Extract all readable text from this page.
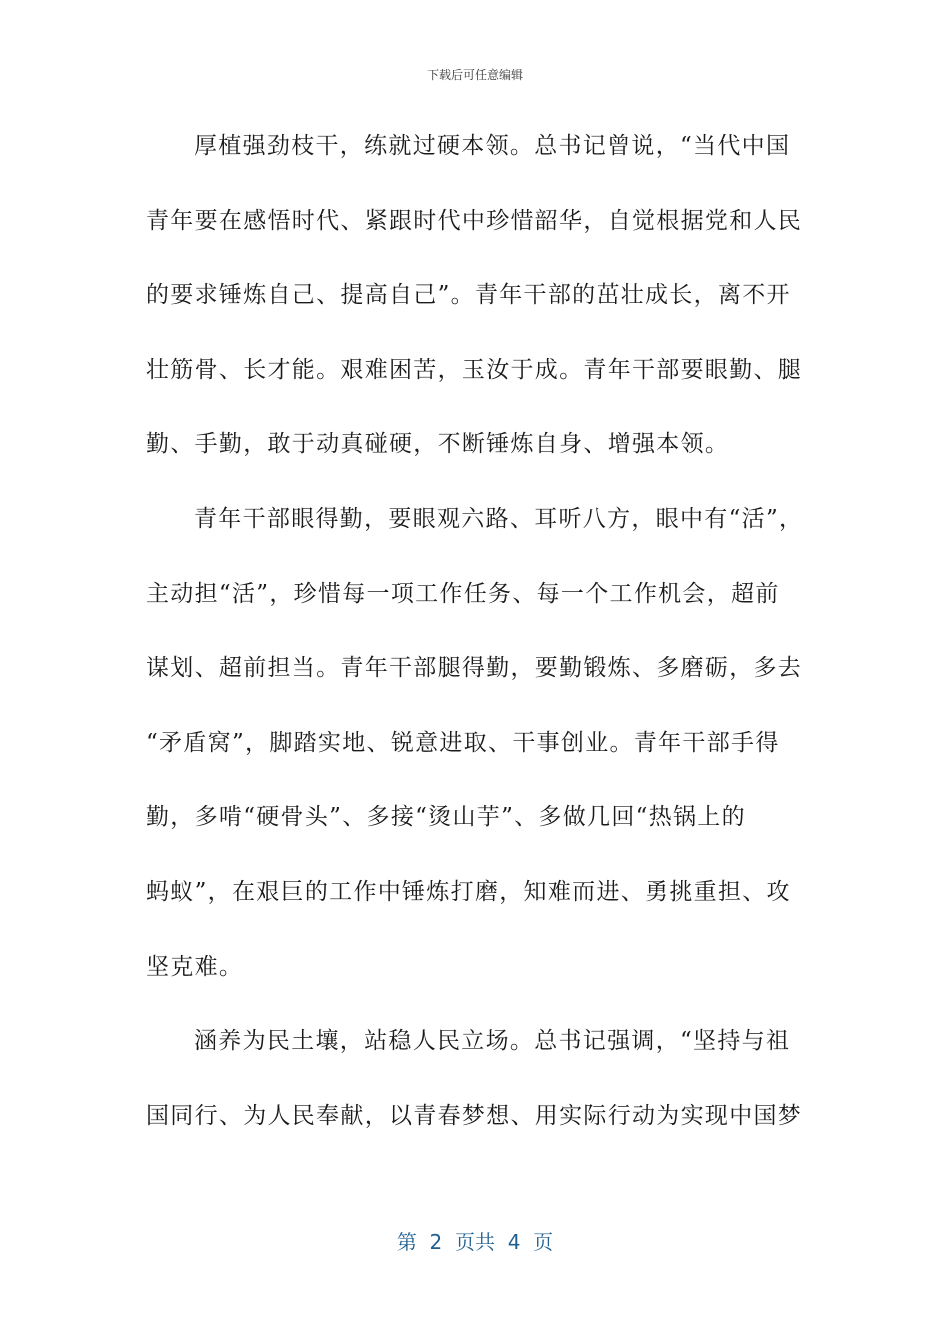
下载后可任意编辑
厚植强劲枝干，练就过硬本领。总书记曾说，“当代中国
青年要在感悟时代、紧跟时代中珍惜韶华，自觉根据党和人民
的要求锤炼自己、提高自己”。青年干部的茁壮成长，离不开
壮筋骨、长才能。艰难困苦，玉汝于成。青年干部要眼勤、腿
勤、手勤，敢于动真碰硬，不断锤炼自身、增强本领。
青年干部眼得勤，要眼观六路、耳听八方，眼中有“活”，
主动担“活”，珍惜每一项工作任务、每一个工作机会，超前
谋划、超前担当。青年干部腿得勤，要勤锻炼、多磨砺，多去
“矛盾窝”，脚踏实地、锐意进取、干事创业。青年干部手得
勤，多啃“硬骨头”、多接“烫山芋”、多做几回“热锅上的
蚂蚁”，在艰巨的工作中锤炼打磨，知难而进、勇挑重担、攻
坚克难。
涵养为民土壤，站稳人民立场。总书记强调，“坚持与祖
国同行、为人民奉献，以青春梦想、用实际行动为实现中国梦
第  2  页共  4  页
